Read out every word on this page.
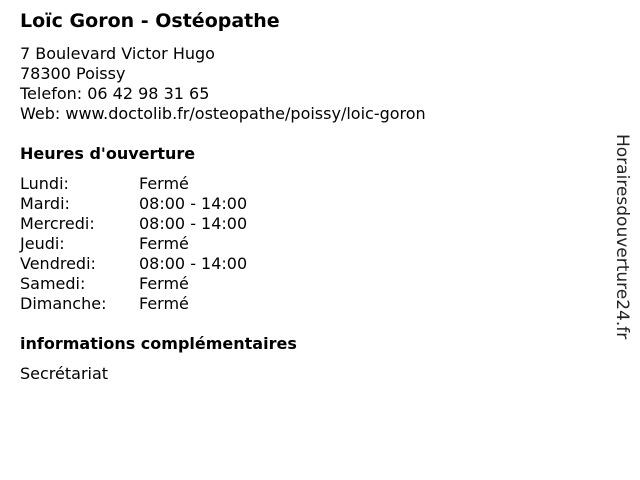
Loïc Goron - Ostéopathe
7 Boulevard Victor Hugo
78300 Poissy
Telefon: 06 42 98 31 65
Web: www.doctolib.fr/osteopathe/poissy/loic-goron
Heures d'ouverture
Lundi:	Fermé
Mardi:	08:00 - 14:00
Mercredi:	08:00 - 14:00
Jeudi:	Fermé
Vendredi:	08:00 - 14:00
Samedi:	Fermé
Dimanche: Fermé
informations complémentaires
Secrétariat
Horairesdouverture24.fr
